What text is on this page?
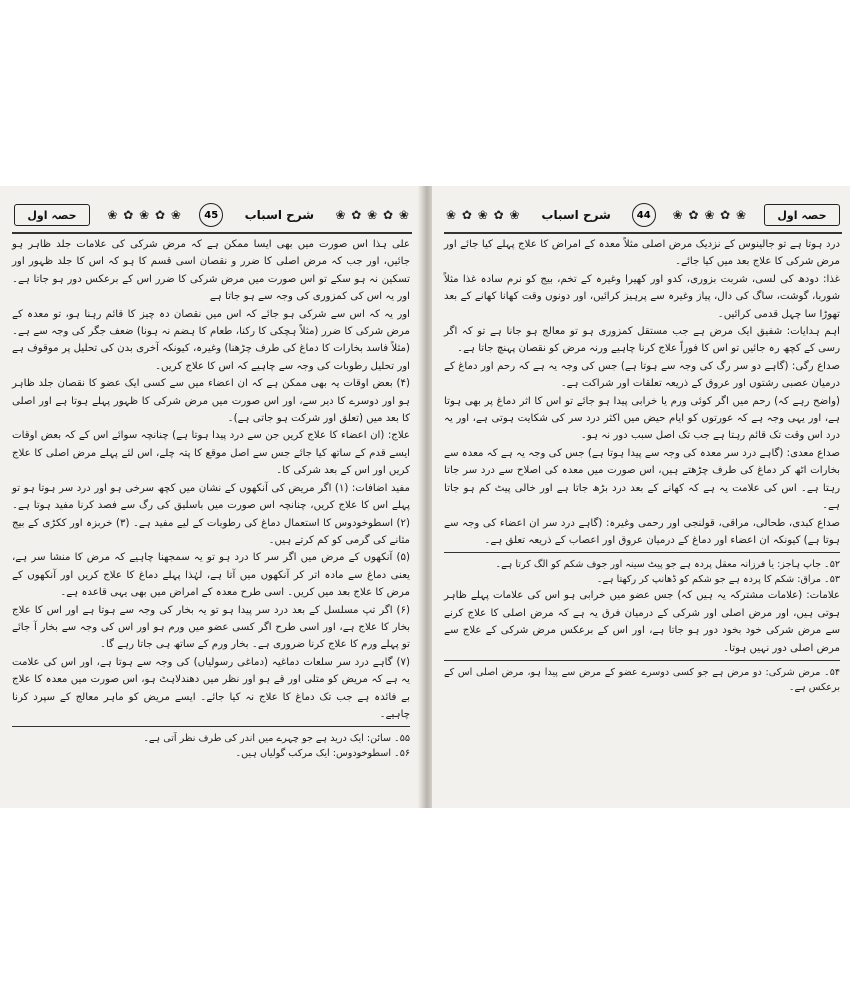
حصہ اول	❀ ✿ ❀ ✿ ❀	45	شرح اسباب	❀ ✿ ❀ ✿ ❀

علی ہذا اس صورت میں بھی ایسا ممکن ہے کہ مرض شرکی کی علامات جلد ظاہر ہو جائیں، اور جب کہ مرض اصلی کا ضرر و نقصان اسی قسم کا ہو کہ اس کا جلد ظہور اور تسکین نہ ہو سکے تو اس صورت میں مرض شرکی کا ضرر اس کے برعکس دور ہو جاتا ہے۔ اور یہ اس کی کمزوری کی وجہ سے ہو جاتا ہے

اور یہ کہ اس سے شرکی ہو جائے کہ اس میں نقصان دہ چیز کا قائم رہنا ہو، تو معدہ کے مرض شرکی کا ضرر (مثلاً ہچکی کا رکنا، طعام کا ہضم نہ ہونا) ضعف جگر کی وجہ سے ہے۔ (مثلاً فاسد بخارات کا دماغ کی طرف چڑھنا) وغیرہ، کیونکہ آخری بدن کی تحلیل پر موقوف ہے اور تحلیل رطوبات کی وجہ سے چاہیے کہ اس کا علاج کریں۔

(۴) بعض اوقات یہ بھی ممکن ہے کہ ان اعضاء میں سے کسی ایک عضو کا نقصان جلد ظاہر ہو اور دوسرے کا دیر سے، اور اس صورت میں مرض شرکی کا ظہور پہلے ہوتا ہے اور اصلی کا بعد میں (تعلق اور شرکت ہو جاتی ہے)۔

علاج: (ان اعضاء کا علاج کریں جن سے درد پیدا ہوتا ہے) چنانچہ سوائے اس کے کہ بعض اوقات ایسے قدم کے ساتھ کیا جائے جس سے اصل موقع کا پتہ چلے، اس لئے پہلے مرض اصلی کا علاج کریں اور اس کے بعد شرکی کا۔

مفید اضافات: (۱) اگر مریض کی آنکھوں کے نشان میں کچھ سرخی ہو اور درد سر ہوتا ہو تو پہلے اس کا علاج کریں، چنانچہ اس صورت میں باسلیق کی رگ سے فصد کرنا مفید ہوتا ہے۔ (۲) اسطوخودوس کا استعمال دماغ کی رطوبات کے لیے مفید ہے۔ (۳) خربزہ اور ککڑی کے بیج مثانے کی گرمی کو کم کرتے ہیں۔

(۵) آنکھوں کے مرض میں اگر سر کا درد ہو تو یہ سمجھنا چاہیے کہ مرض کا منشا سر ہے، یعنی دماغ سے مادہ اتر کر آنکھوں میں آتا ہے، لہٰذا پہلے دماغ کا علاج کریں اور آنکھوں کے مرض کا علاج بعد میں کریں۔ اسی طرح معدہ کے امراض میں بھی یہی قاعدہ ہے۔

(۶) اگر تپ مسلسل کے بعد درد سر پیدا ہو تو یہ بخار کی وجہ سے ہوتا ہے اور اس کا علاج بخار کا علاج ہے، اور اسی طرح اگر کسی عضو میں ورم ہو اور اس کی وجہ سے بخار آ جائے تو پہلے ورم کا علاج کرنا ضروری ہے۔ بخار ورم کے ساتھ ہی جاتا رہے گا۔

(۷) گاہے درد سر سلعات دماغیہ (دماغی رسولیاں) کی وجہ سے ہوتا ہے، اور اس کی علامت یہ ہے کہ مریض کو متلی اور قے ہو اور نظر میں دھندلاہٹ ہو، اس صورت میں معدہ کا علاج بے فائدہ ہے جب تک دماغ کا علاج نہ کیا جائے۔ ایسے مریض کو ماہر معالج کے سپرد کرنا چاہیے۔

۵۵۔ سائن: ایک درید ہے جو چہرے میں اندر کی طرف نظر آتی ہے۔

۵۶۔ اسطوخودوس: ایک مرکب گولیاں ہیں۔

❀ ✿ ❀ ✿ ❀	شرح اسباب	44	❀ ✿ ❀ ✿ ❀	حصہ اول

درد ہوتا ہے تو جالینوس کے نزدیک مرض اصلی مثلاً معدہ کے امراض کا علاج پہلے کیا جائے اور مرض شرکی کا علاج بعد میں کیا جائے۔

غذا: دودھ کی لسی، شربت بزوری، کدو اور کھیرا وغیرہ کے تخم، بیج کو نرم سادہ غذا مثلاً شوربا، گوشت، ساگ کی دال، پیاز وغیرہ سے پرہیز کرائیں، اور دونوں وقت کھانا کھانے کے بعد تھوڑا سا چہل قدمی کرائیں۔

اہم ہدایات: شفیق ایک مرض ہے جب مستقل کمزوری ہو تو معالج ہو جانا ہے تو کہ اگر رسی کے کچھ رہ جائیں تو اس کا فوراً علاج کرنا چاہیے ورنہ مرض کو نقصان پہنچ جاتا ہے۔

صداع رگی: (گاہے دو سر رگ کی وجہ سے ہوتا ہے) جس کی وجہ یہ ہے کہ رحم اور دماغ کے درمیان عصبی رشتوں اور عروق کے ذریعہ تعلقات اور شراکت ہے۔

(واضح رہے کہ) رحم میں اگر کوئی ورم یا خرابی پیدا ہو جائے تو اس کا اثر دماغ پر بھی ہوتا ہے، اور یہی وجہ ہے کہ عورتوں کو ایام حیض میں اکثر درد سر کی شکایت ہوتی ہے، اور یہ درد اس وقت تک قائم رہتا ہے جب تک اصل سبب دور نہ ہو۔

صداع معدی: (گاہے درد سر معدہ کی وجہ سے پیدا ہوتا ہے) جس کی وجہ یہ ہے کہ معدہ سے بخارات اٹھ کر دماغ کی طرف چڑھتے ہیں، اس صورت میں معدہ کی اصلاح سے درد سر جاتا رہتا ہے۔ اس کی علامت یہ ہے کہ کھانے کے بعد درد بڑھ جاتا ہے اور خالی پیٹ کم ہو جاتا ہے۔

صداع کبدی، طحالی، مراقی، قولنجی اور رحمی وغیرہ: (گاہے درد سر ان اعضاء کی وجہ سے ہوتا ہے) کیونکہ ان اعضاء اور دماغ کے درمیان عروق اور اعصاب کے ذریعہ تعلق ہے۔

۵۲۔ جاپ ہاجز: یا فرزانہ معقل پردہ ہے جو پیٹ سینہ اور جوف شکم کو الگ کرتا ہے۔

۵۳۔ مراق: شکم کا پردہ ہے جو شکم کو ڈھانپ کر رکھتا ہے۔

علامات: (علامات مشترکہ یہ ہیں کہ) جس عضو میں خرابی ہو اس کی علامات پہلے ظاہر ہوتی ہیں، اور مرض اصلی اور شرکی کے درمیان فرق یہ ہے کہ مرض اصلی کا علاج کرنے سے مرض شرکی خود بخود دور ہو جاتا ہے، اور اس کے برعکس مرض شرکی کے علاج سے مرض اصلی دور نہیں ہوتا۔

۵۴۔ مرض شرکی: دو مرض ہے جو کسی دوسرے عضو کے مرض سے پیدا ہو، مرض اصلی اس کے برعکس ہے۔
